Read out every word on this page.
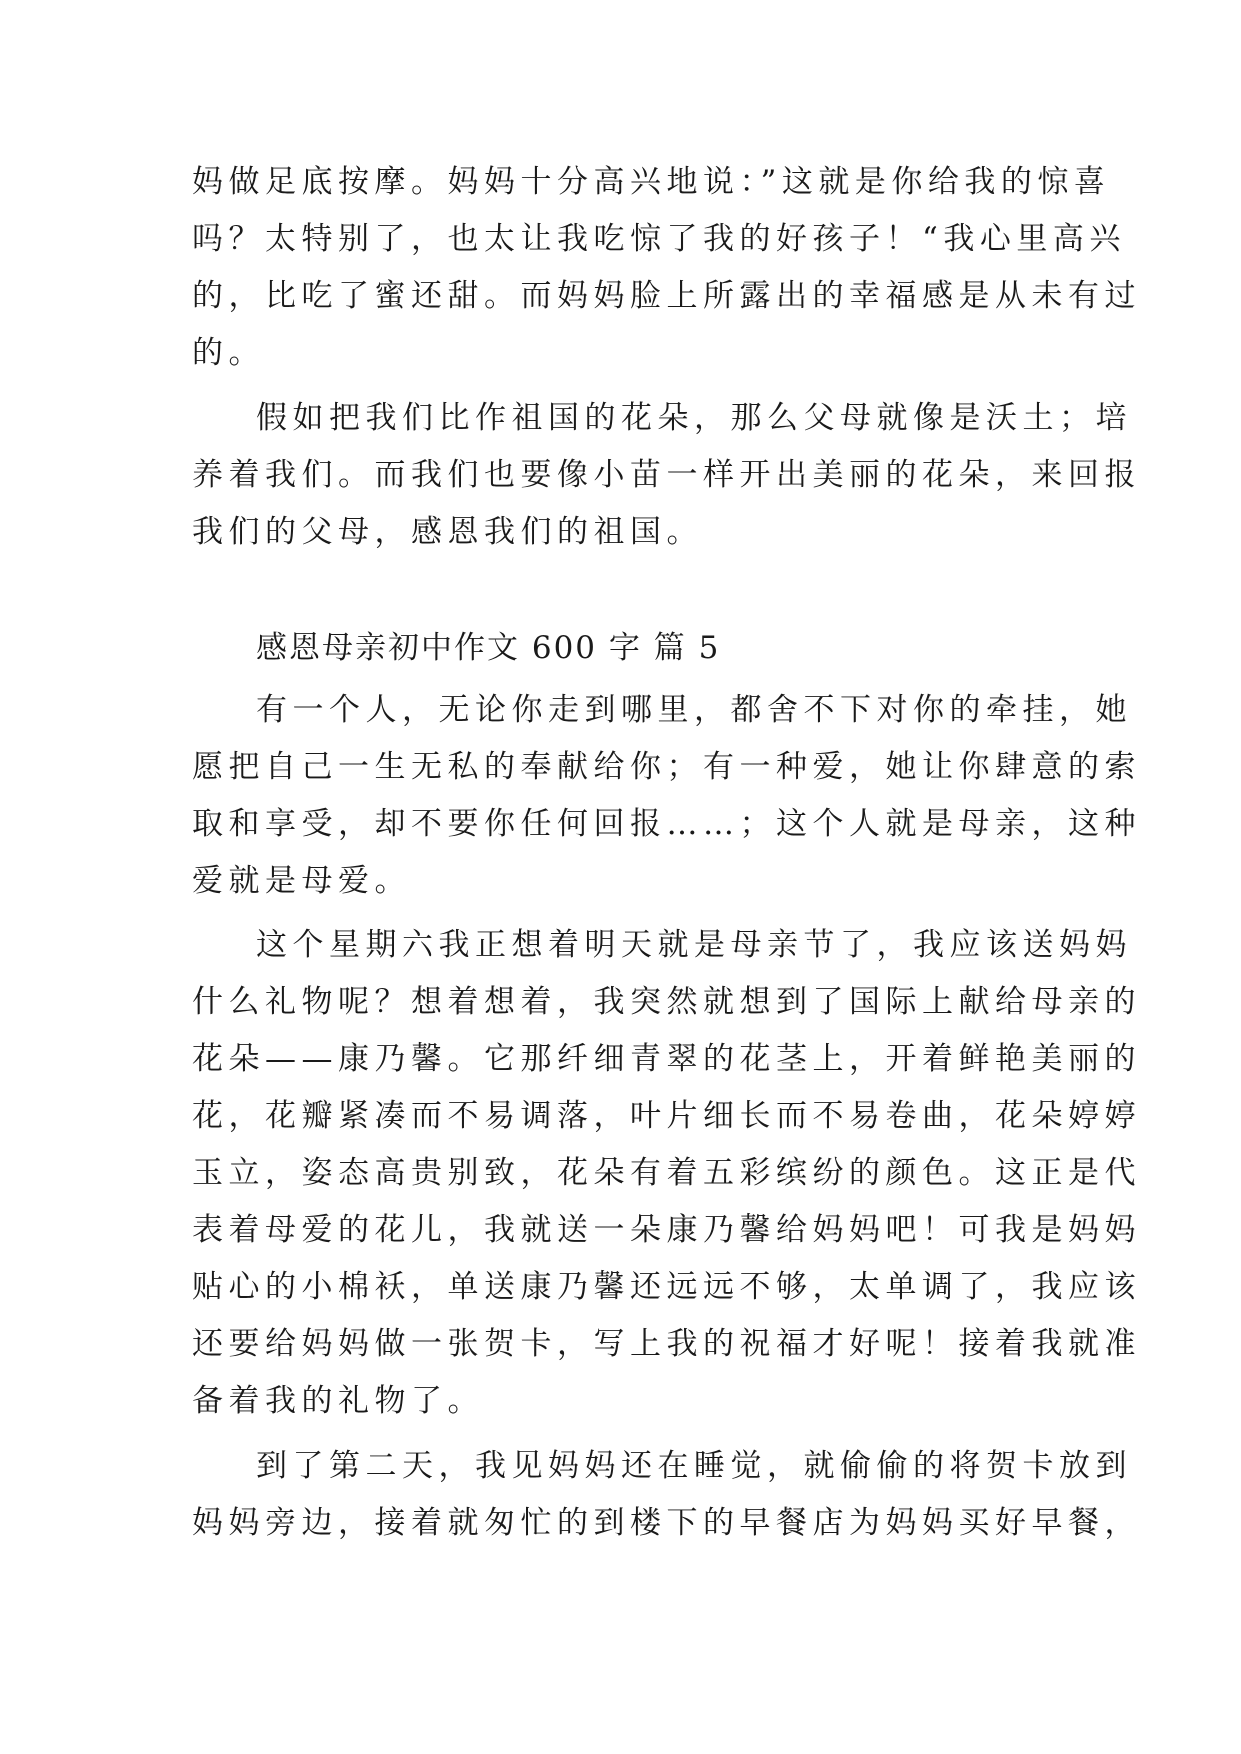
妈做足底按摩。妈妈十分高兴地说：”这就是你给我的惊喜
吗？太特别了，也太让我吃惊了我的好孩子！“我心里高兴
的，比吃了蜜还甜。而妈妈脸上所露出的幸福感是从未有过
的。
假如把我们比作祖国的花朵，那么父母就像是沃土；培
养着我们。而我们也要像小苗一样开出美丽的花朵，来回报
我们的父母，感恩我们的祖国。
感恩母亲初中作文 600 字 篇 5
有一个人，无论你走到哪里，都舍不下对你的牵挂，她
愿把自己一生无私的奉献给你；有一种爱，她让你肆意的索
取和享受，却不要你任何回报……；这个人就是母亲，这种
爱就是母爱。
这个星期六我正想着明天就是母亲节了，我应该送妈妈
什么礼物呢？想着想着，我突然就想到了国际上献给母亲的
花朵——康乃馨。它那纤细青翠的花茎上，开着鲜艳美丽的
花，花瓣紧凑而不易调落，叶片细长而不易卷曲，花朵婷婷
玉立，姿态高贵别致，花朵有着五彩缤纷的颜色。这正是代
表着母爱的花儿，我就送一朵康乃馨给妈妈吧！可我是妈妈
贴心的小棉袄，单送康乃馨还远远不够，太单调了，我应该
还要给妈妈做一张贺卡，写上我的祝福才好呢！接着我就准
备着我的礼物了。
到了第二天，我见妈妈还在睡觉，就偷偷的将贺卡放到
妈妈旁边，接着就匆忙的到楼下的早餐店为妈妈买好早餐，
